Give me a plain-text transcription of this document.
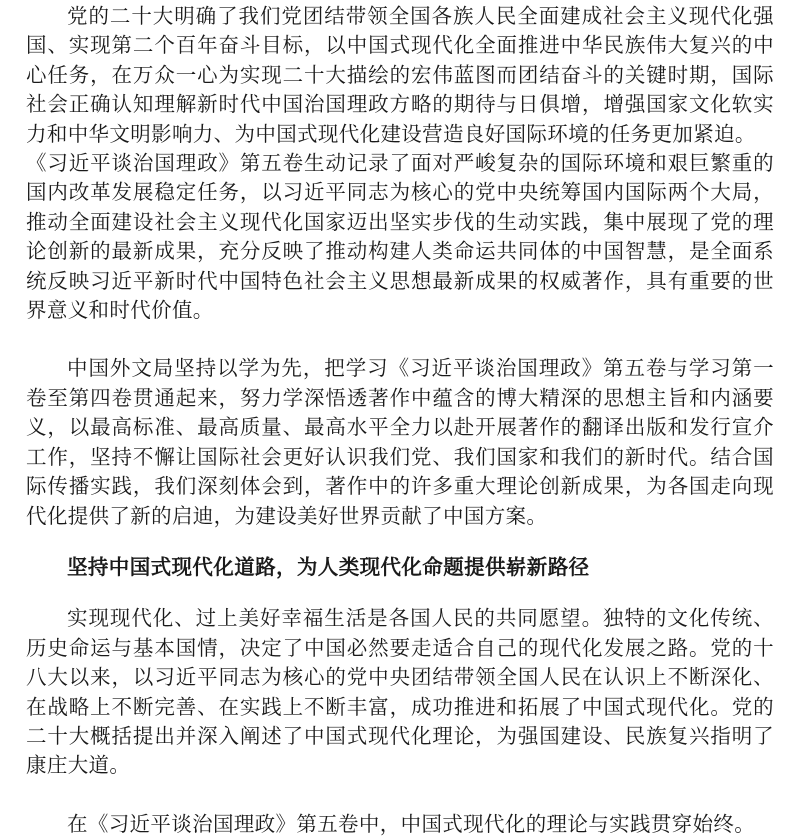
党的二十大明确了我们党团结带领全国各族人民全面建成社会主义现代化强国、实现第二个百年奋斗目标，以中国式现代化全面推进中华民族伟大复兴的中心任务，在万众一心为实现二十大描绘的宏伟蓝图而团结奋斗的关键时期，国际社会正确认知理解新时代中国治国理政方略的期待与日俱增，增强国家文化软实力和中华文明影响力、为中国式现代化建设营造良好国际环境的任务更加紧迫。

《习近平谈治国理政》第五卷生动记录了面对严峻复杂的国际环境和艰巨繁重的国内改革发展稳定任务，以习近平同志为核心的党中央统筹国内国际两个大局，推动全面建设社会主义现代化国家迈出坚实步伐的生动实践，集中展现了党的理论创新的最新成果，充分反映了推动构建人类命运共同体的中国智慧，是全面系统反映习近平新时代中国特色社会主义思想最新成果的权威著作，具有重要的世界意义和时代价值。

中国外文局坚持以学为先，把学习《习近平谈治国理政》第五卷与学习第一卷至第四卷贯通起来，努力学深悟透著作中蕴含的博大精深的思想主旨和内涵要义，以最高标准、最高质量、最高水平全力以赴开展著作的翻译出版和发行宣介工作，坚持不懈让国际社会更好认识我们党、我们国家和我们的新时代。结合国际传播实践，我们深刻体会到，著作中的许多重大理论创新成果，为各国走向现代化提供了新的启迪，为建设美好世界贡献了中国方案。

坚持中国式现代化道路，为人类现代化命题提供崭新路径

实现现代化、过上美好幸福生活是各国人民的共同愿望。独特的文化传统、历史命运与基本国情，决定了中国必然要走适合自己的现代化发展之路。党的十八大以来，以习近平同志为核心的党中央团结带领全国人民在认识上不断深化、在战略上不断完善、在实践上不断丰富，成功推进和拓展了中国式现代化。党的二十大概括提出并深入阐述了中国式现代化理论，为强国建设、民族复兴指明了康庄大道。

在《习近平谈治国理政》第五卷中，中国式现代化的理论与实践贯穿始终。
